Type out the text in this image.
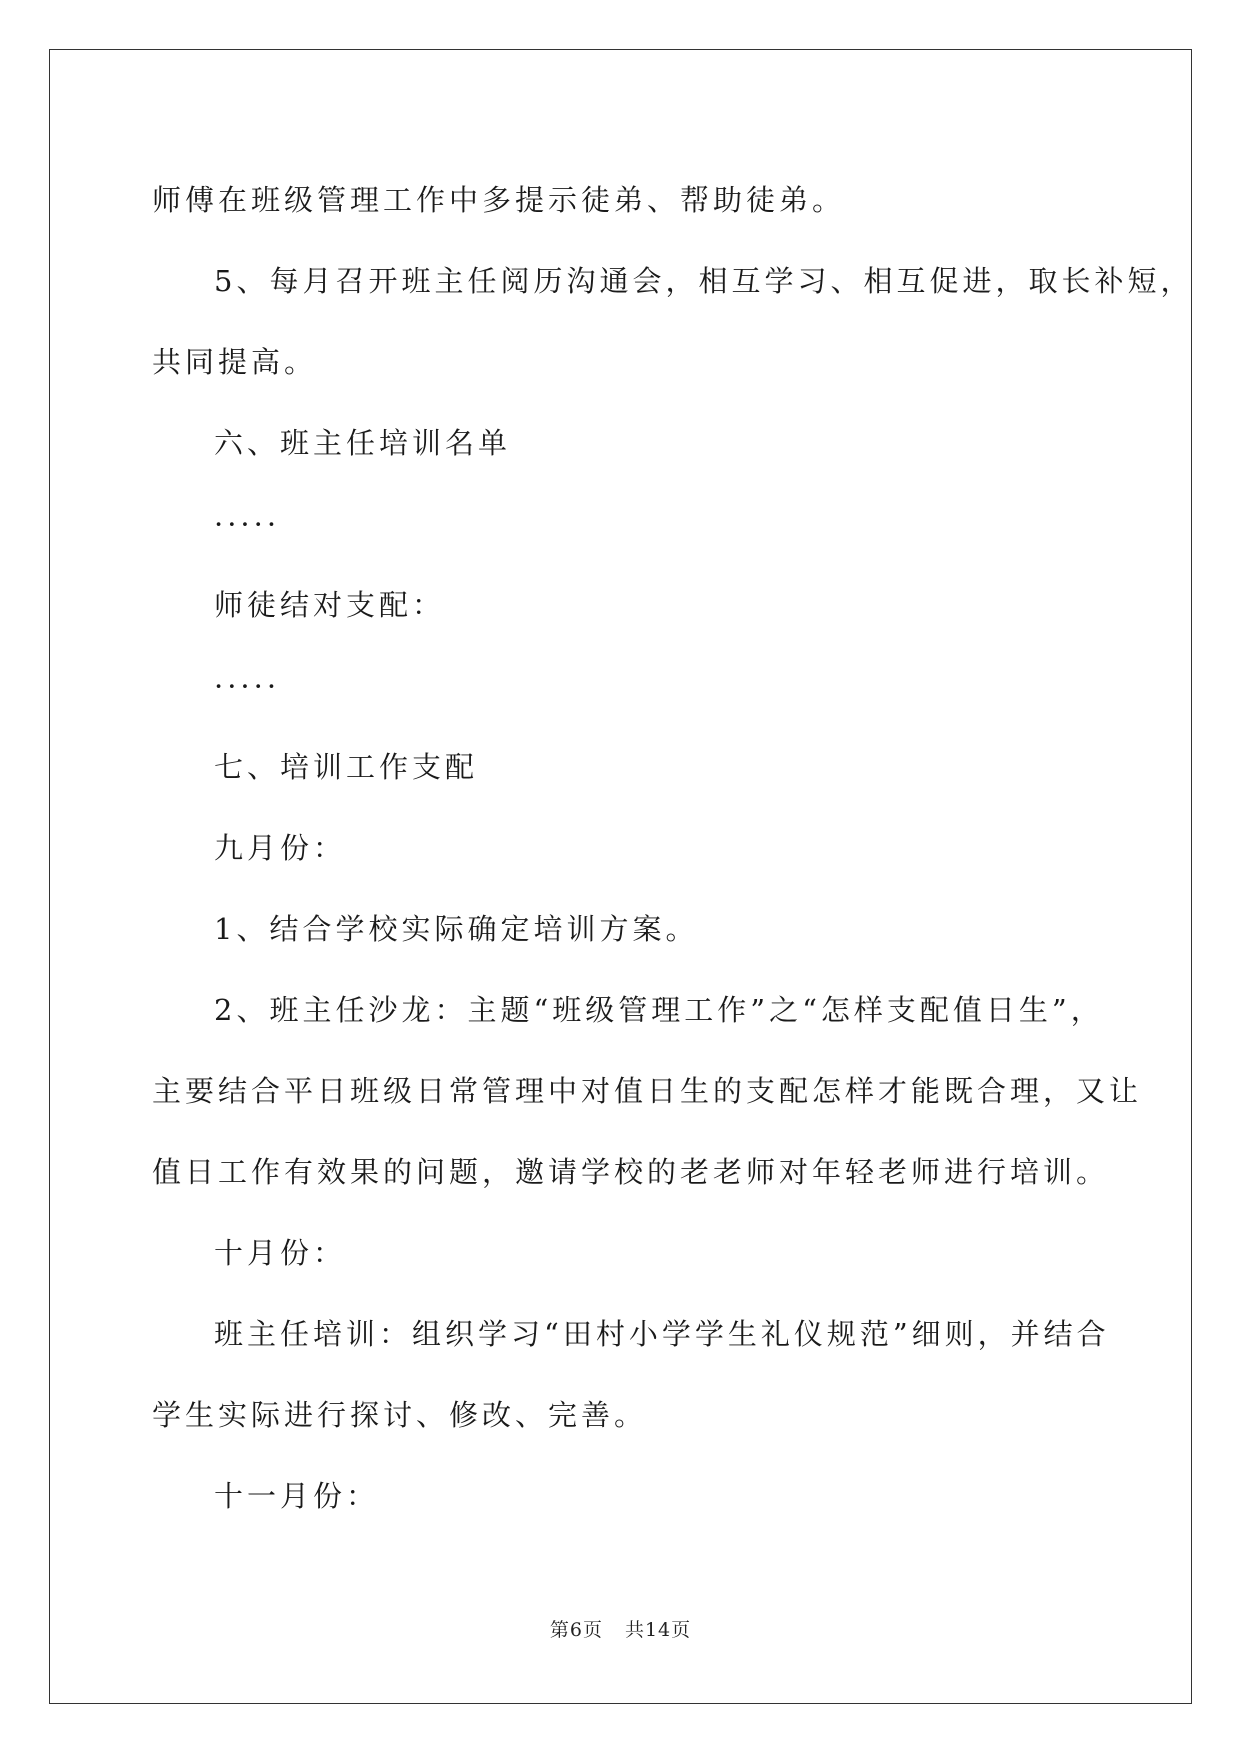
师傅在班级管理工作中多提示徒弟、帮助徒弟。

5、每月召开班主任阅历沟通会，相互学习、相互促进，取长补短，

共同提高。

六、班主任培训名单

·····

师徒结对支配：

·····

七、培训工作支配

九月份：

1、结合学校实际确定培训方案。

2、班主任沙龙：主题“班级管理工作”之“怎样支配值日生”，

主要结合平日班级日常管理中对值日生的支配怎样才能既合理，又让

值日工作有效果的问题，邀请学校的老老师对年轻老师进行培训。

十月份：

班主任培训：组织学习“田村小学学生礼仪规范”细则，并结合

学生实际进行探讨、修改、完善。

十一月份：

第6页 共14页
